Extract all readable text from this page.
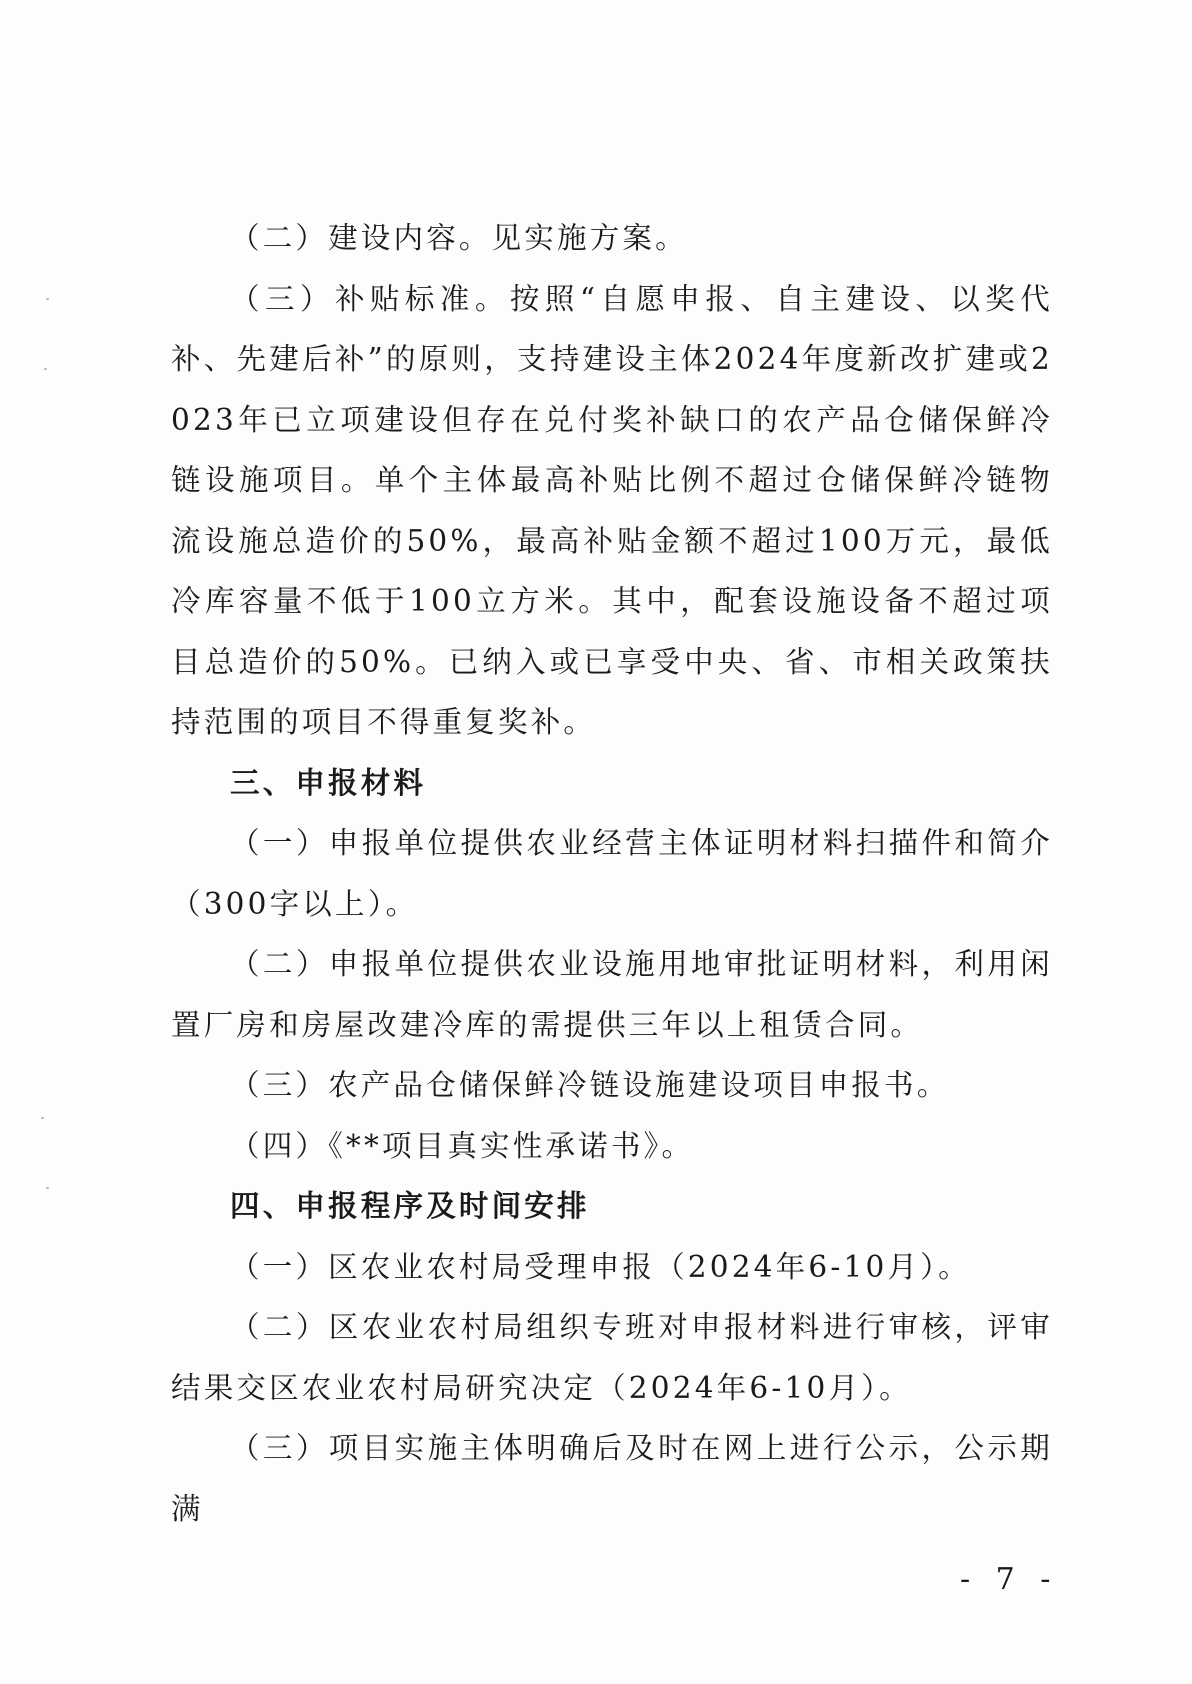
（二）建设内容。见实施方案。

（三）补贴标准。按照“自愿申报、自主建设、以奖代补、先建后补”的原则，支持建设主体2024年度新改扩建或2023年已立项建设但存在兑付奖补缺口的农产品仓储保鲜冷链设施项目。单个主体最高补贴比例不超过仓储保鲜冷链物流设施总造价的50%，最高补贴金额不超过100万元，最低冷库容量不低于100立方米。其中，配套设施设备不超过项目总造价的50%。已纳入或已享受中央、省、市相关政策扶持范围的项目不得重复奖补。

三、申报材料

（一）申报单位提供农业经营主体证明材料扫描件和简介（300字以上）。

（二）申报单位提供农业设施用地审批证明材料，利用闲置厂房和房屋改建冷库的需提供三年以上租赁合同。

（三）农产品仓储保鲜冷链设施建设项目申报书。

（四）《**项目真实性承诺书》。

四、申报程序及时间安排

（一）区农业农村局受理申报（2024年6-10月）。

（二）区农业农村局组织专班对申报材料进行审核，评审结果交区农业农村局研究决定（2024年6-10月）。

（三）项目实施主体明确后及时在网上进行公示，公示期满

- 7 -
